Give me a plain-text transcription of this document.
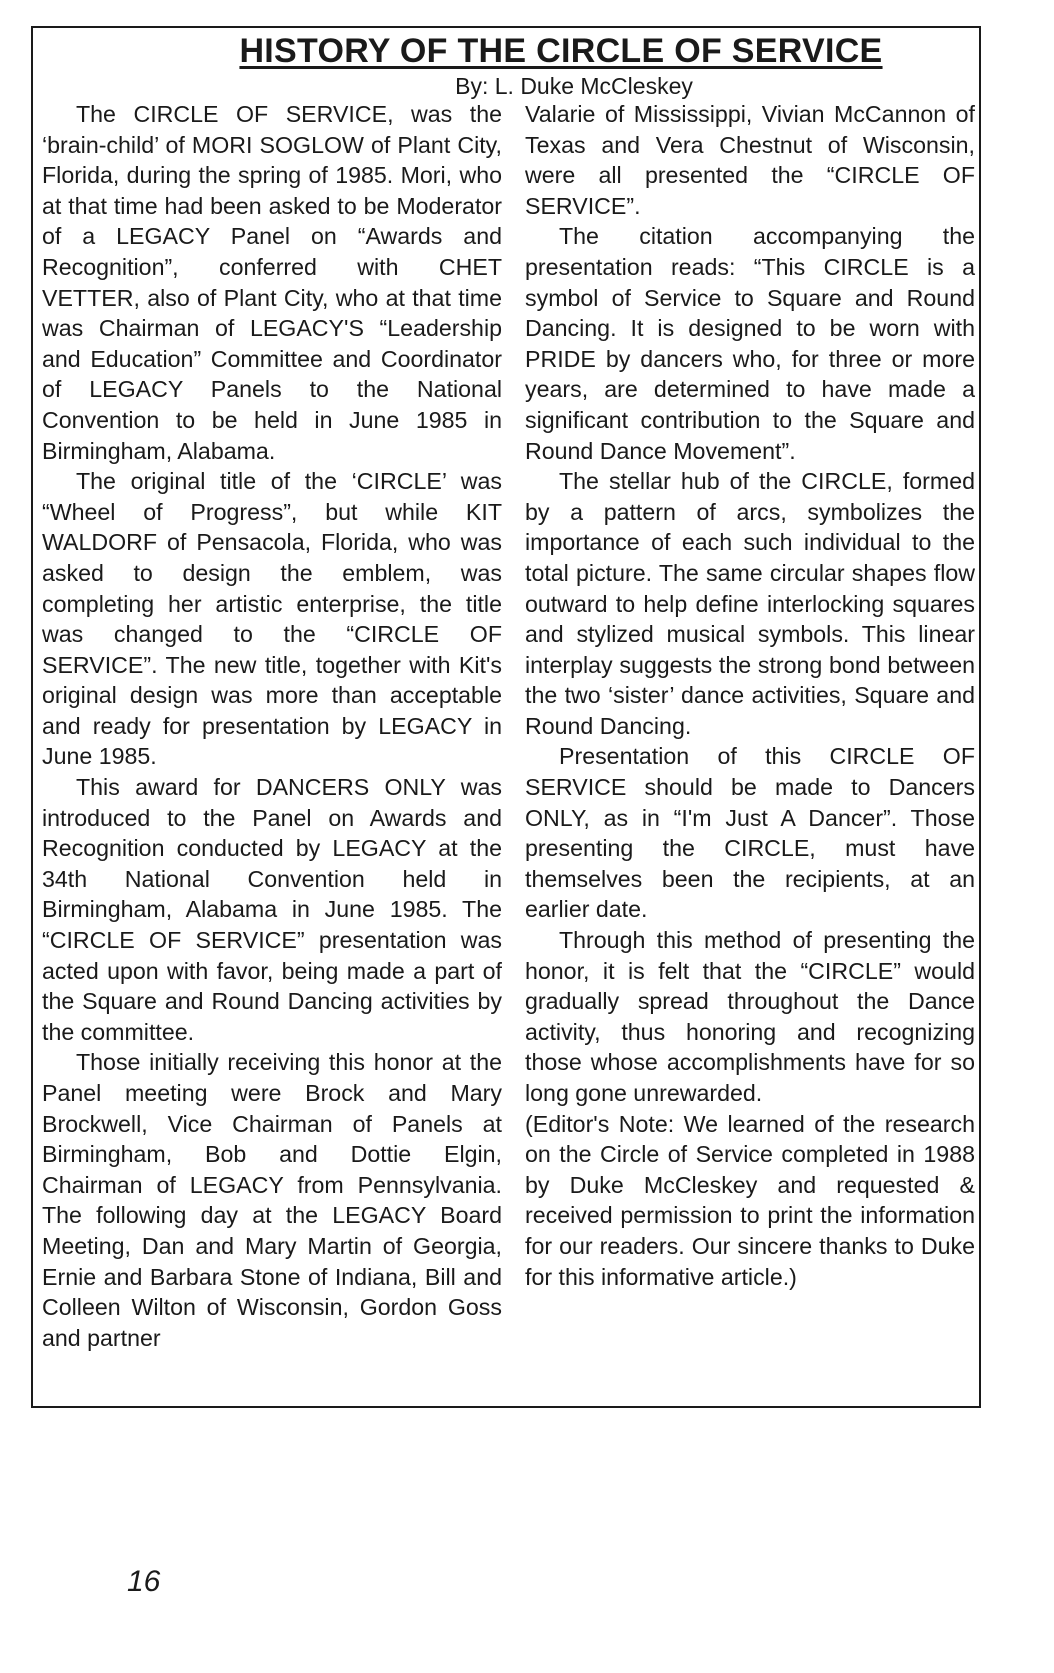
HISTORY OF THE CIRCLE OF SERVICE
By: L. Duke McCleskey

The CIRCLE OF SERVICE, was the ‘brain-child’ of MORI SOGLOW of Plant City, Florida, during the spring of 1985. Mori, who at that time had been asked to be Moderator of a LEGACY Panel on “Awards and Recognition”, conferred with CHET VETTER, also of Plant City, who at that time was Chairman of LEGACY'S “Leadership and Education” Committee and Coordinator of LEGACY Panels to the National Convention to be held in June 1985 in Birmingham, Alabama.

The original title of the ‘CIRCLE’ was “Wheel of Progress”, but while KIT WALDORF of Pensacola, Florida, who was asked to design the emblem, was completing her artistic enterprise, the title was changed to the “CIRCLE OF SERVICE”. The new title, together with Kit's original design was more than acceptable and ready for presentation by LEGACY in June 1985.

This award for DANCERS ONLY was introduced to the Panel on Awards and Recognition conducted by LEGACY at the 34th National Convention held in Birmingham, Alabama in June 1985. The “CIRCLE OF SERVICE” presentation was acted upon with favor, being made a part of the Square and Round Dancing activities by the committee.

Those initially receiving this honor at the Panel meeting were Brock and Mary Brockwell, Vice Chairman of Panels at Birmingham, Bob and Dottie Elgin, Chairman of LEGACY from Pennsylvania. The following day at the LEGACY Board Meeting, Dan and Mary Martin of Georgia, Ernie and Barbara Stone of Indiana, Bill and Colleen Wilton of Wisconsin, Gordon Goss and partner

Valarie of Mississippi, Vivian McCannon of Texas and Vera Chestnut of Wisconsin, were all presented the “CIRCLE OF SERVICE”.

The citation accompanying the presentation reads: “This CIRCLE is a symbol of Service to Square and Round Dancing. It is designed to be worn with PRIDE by dancers who, for three or more years, are determined to have made a significant contribution to the Square and Round Dance Movement”.

The stellar hub of the CIRCLE, formed by a pattern of arcs, symbolizes the importance of each such individual to the total picture. The same circular shapes flow outward to help define interlocking squares and stylized musical symbols. This linear interplay suggests the strong bond between the two ‘sister’ dance activities, Square and Round Dancing.

Presentation of this CIRCLE OF SERVICE should be made to Dancers ONLY, as in “I'm Just A Dancer”. Those presenting the CIRCLE, must have themselves been the recipients, at an earlier date.

Through this method of presenting the honor, it is felt that the “CIRCLE” would gradually spread throughout the Dance activity, thus honoring and recognizing those whose accomplishments have for so long gone unrewarded.

(Editor's Note: We learned of the research on the Circle of Service completed in 1988 by Duke McCleskey and requested & received permission to print the information for our readers. Our sincere thanks to Duke for this informative article.)

16
